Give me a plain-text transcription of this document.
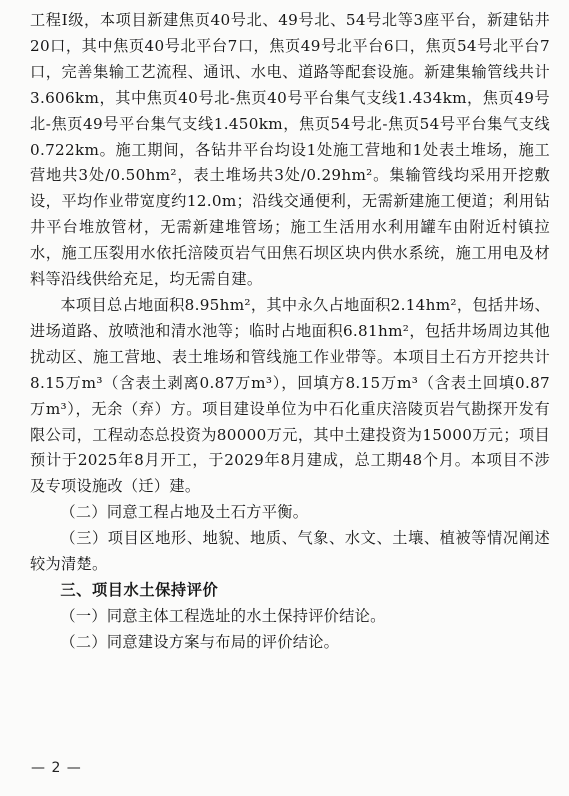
工程Ⅰ级，本项目新建焦页40号北、49号北、54号北等3座平台，新建钻井20口，其中焦页40号北平台7口，焦页49号北平台6口，焦页54号北平台7口，完善集输工艺流程、通讯、水电、道路等配套设施。新建集输管线共计3.606km，其中焦页40号北-焦页40号平台集气支线1.434km，焦页49号北-焦页49号平台集气支线1.450km，焦页54号北-焦页54号平台集气支线0.722km。施工期间，各钻井平台均设1处施工营地和1处表土堆场，施工营地共3处/0.50hm²，表土堆场共3处/0.29hm²。集输管线均采用开挖敷设，平均作业带宽度约12.0m；沿线交通便利，无需新建施工便道；利用钻井平台堆放管材，无需新建堆管场；施工生活用水利用罐车由附近村镇拉水，施工压裂用水依托涪陵页岩气田焦石坝区块内供水系统，施工用电及材料等沿线供给充足，均无需自建。

本项目总占地面积8.95hm²，其中永久占地面积2.14hm²，包括井场、进场道路、放喷池和清水池等；临时占地面积6.81hm²，包括井场周边其他扰动区、施工营地、表土堆场和管线施工作业带等。本项目土石方开挖共计8.15万m³（含表土剥离0.87万m³），回填方8.15万m³（含表土回填0.87万m³），无余（弃）方。项目建设单位为中石化重庆涪陵页岩气勘探开发有限公司，工程动态总投资为80000万元，其中土建投资为15000万元；项目预计于2025年8月开工，于2029年8月建成，总工期48个月。本项目不涉及专项设施改（迁）建。

（二）同意工程占地及土石方平衡。

（三）项目区地形、地貌、地质、气象、水文、土壤、植被等情况阐述较为清楚。

三、项目水土保持评价

（一）同意主体工程选址的水土保持评价结论。

（二）同意建设方案与布局的评价结论。

— 2 —
